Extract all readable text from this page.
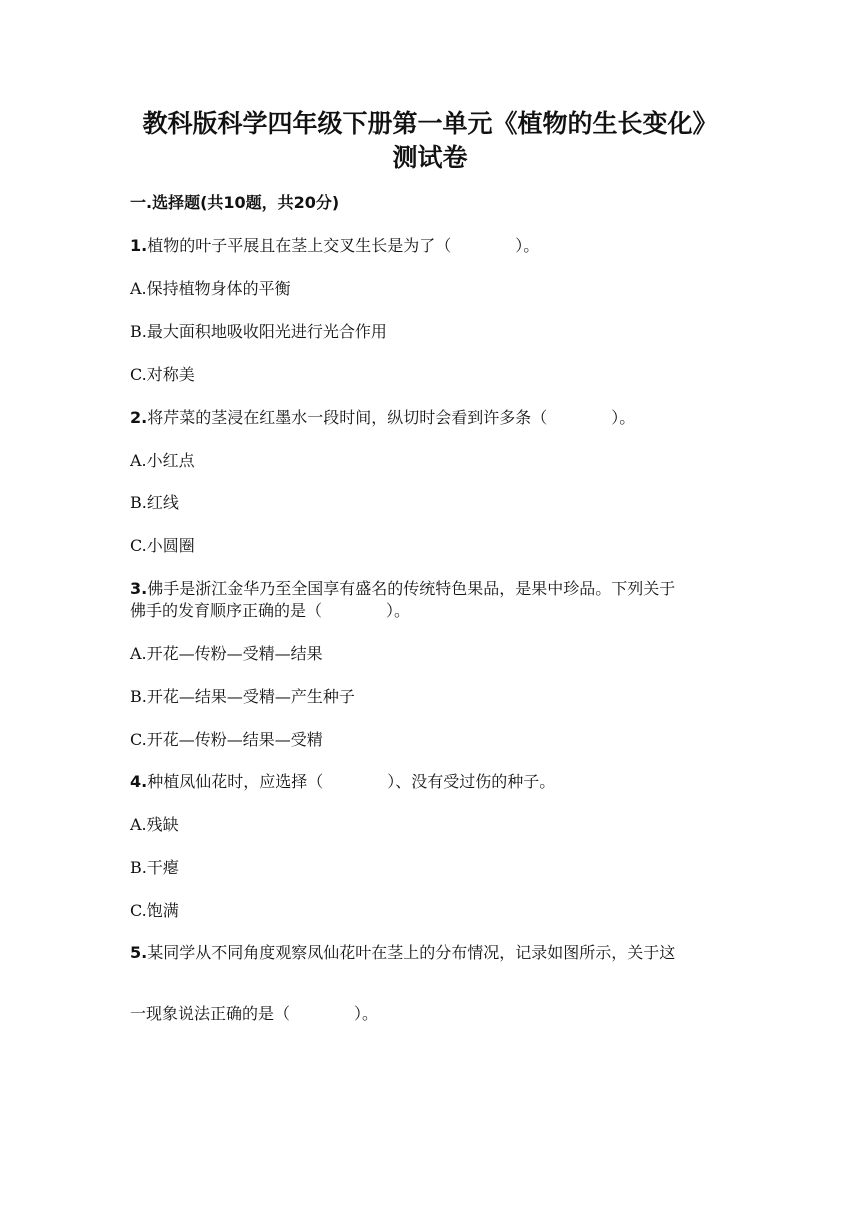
教科版科学四年级下册第一单元《植物的生长变化》
测试卷
一.选择题(共10题，共20分)
1.植物的叶子平展且在茎上交叉生长是为了（	）。
A.保持植物身体的平衡
B.最大面积地吸收阳光进行光合作用
C.对称美
2.将芹菜的茎浸在红墨水一段时间，纵切时会看到许多条（	）。
A.小红点
B.红线
C.小圆圈
3.佛手是浙江金华乃至全国享有盛名的传统特色果品，是果中珍品。下列关于
佛手的发育顺序正确的是（	）。
A.开花—传粉—受精—结果
B.开花—结果—受精—产生种子
C.开花—传粉—结果—受精
4.种植凤仙花时，应选择（	）、没有受过伤的种子。
A.残缺
B.干瘪
C.饱满
5.某同学从不同角度观察凤仙花叶在茎上的分布情况，记录如图所示，关于这
一现象说法正确的是（	）。
